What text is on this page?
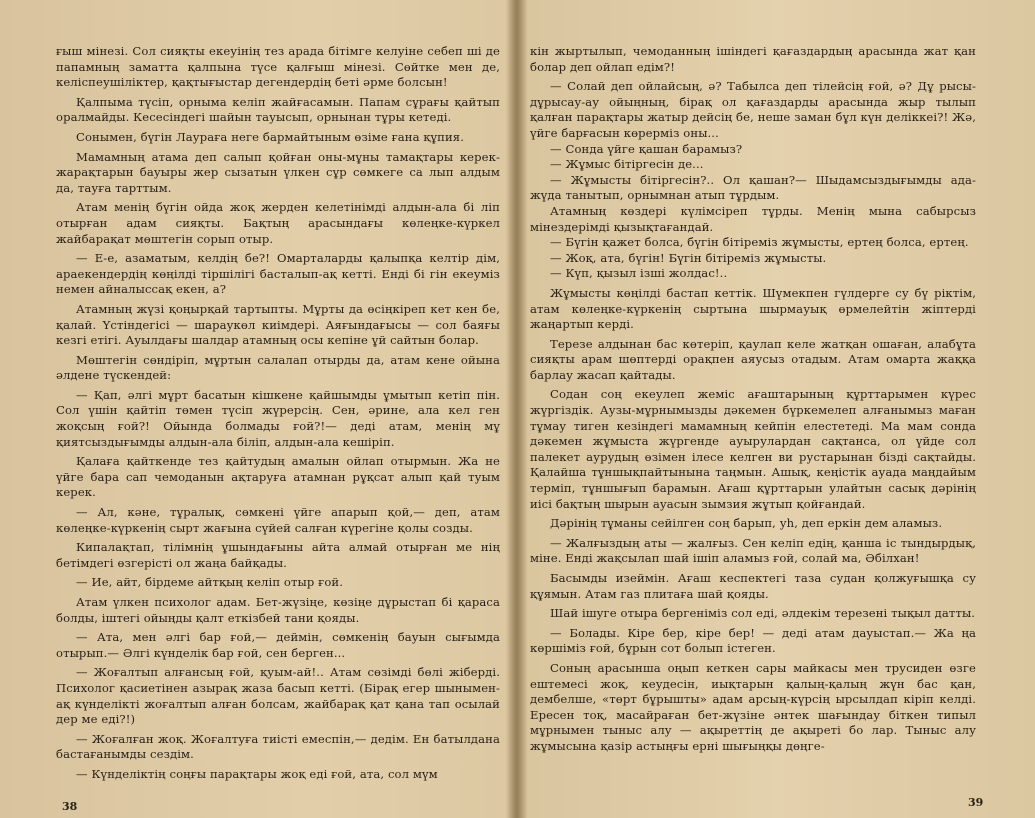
ғыш мінезі. Сол сияқты екеуінің тез арада бітімге келуіне себеп ші де папамның заматта қалпына түсе қалғыш мінезі. Сөйтке мен де, келіспеушіліктер, қақтығыстар дегендердің беті әрме болсын!

Қалпыма түсіп, орныма келіп жайғасамын. Папам сұрағы қайтып оралмайды. Кесесіндегі шайын тауысып, орнынан тұры кетеді.

Сонымен, бүгін Лаураға неге бармайтыным өзіме ғана құпия.

Мамамның атама деп салып қойған оны-мұны тамақтары керек-жарақтарын бауыры жер сызатын үлкен сұр сөмкеге са лып алдым да, тауға тарттым.

Атам менің бүгін ойда жоқ жерден келетінімді алдын-ала бі ліп отырған адам сияқты. Бақтың арасындағы көлеңке-күркел жайбарақат мөштегін сорып отыр.

— Е-е, азаматым, келдің бе?! Омарталарды қалыпқа келтір дім, араекендердің көңілді тіршілігі басталып-ақ кетті. Енді бі гін екеуміз немен айналыссақ екен, а?

Атамның жүзі қоңырқай тартыпты. Мұрты да өсіңкіреп кет кен бе, қалай. Үстіндегісі — шараукөл киімдері. Аяғындағысы — сол баяғы кезгі етігі. Ауылдағы шалдар атамның осы кепіне ұй сайтын болар.

Мөштегін сөндіріп, мұртын салалап отырды да, атам кене ойына әлдене түскендей:

— Қап, әлгі мұрт басатын кішкене қайшымды ұмытып кетіп пін. Сол үшін қайтіп төмен түсіп жүрерсің. Сен, әрине, ала кел ген жоқсың ғой?! Ойында болмады ғой?!— деді атам, менің мұ қиятсыздығымды алдын-ала біліп, алдын-ала кешіріп.

Қалаға қайткенде тез қайтудың амалын ойлап отырмын. Жа не үйге бара сап чемоданын ақтаруға атамнан рұқсат алып қай туым керек.

— Ал, кәне, тұралық, сөмкені үйге апарып қой,— деп, атам көлеңке-күркенің сырт жағына сүйей салған күрегіне қолы созды.

Кипалақтап, тілімнің ұшындағыны айта алмай отырған ме нің бетімдегі өзгерісті ол жаңа байқады.

— Ие, айт, бірдеме айтқың келіп отыр ғой.

Атам үлкен психолог адам. Бет-жүзіңе, көзіңе дұрыстап бі қараса болды, іштегі ойыңды қалт еткізбей тани қояды.

— Ата, мен әлгі бар ғой,— деймін, сөмкенің бауын сығымда отырып.— Әлгі күнделік бар ғой, сен берген...

— Жоғалтып алғансың ғой, қуым-ай!.. Атам сөзімді бөлі жіберді. Психолог қасиетінен азырақ жаза басып кетті. (Бірақ егер шынымен-ақ күнделікті жоғалтып алған болсам, жайбарақ қат қана тап осылай дер ме еді?!)

— Жоғалған жоқ. Жоғалтуға тиісті емеспін,— дедім. Ен батылдана бастағанымды сездім.

— Күнделіктің соңғы парақтары жоқ еді ғой, ата, сол мүм

38

кін жыртылып, чемоданның ішіндегі қағаздардың арасында жат қан болар деп ойлап едім?!

— Солай деп ойлайсың, ә? Табылса деп тілейсің ғой, ә? Дұ рысы-дұрысау-ау ойыңның, бірақ ол қағаздарды арасында жыр тылып қалған парақтары жатыр дейсің бе, неше заман бұл күн деліккеі?! Жә, үйге барғасын көрерміз оны...

— Сонда үйге қашан барамыз?

— Жұмыс бітіргесін де...

— Жұмысты бітіргесін?.. Ол қашан?— Шыдамсыздығымды ада-жүда танытып, орнымнан атып тұрдым.

Атамның көздері күлімсіреп тұрды. Менің мына сабырсыз мінездерімді қызықтағандай.

— Бүгін қажет болса, бүгін бітіреміз жұмысты, ертең болса, ертең.

— Жоқ, ата, бүгін! Бүгін бітіреміз жұмысты.

— Күп, қызыл ізші жолдас!..

Жұмысты көңілді бастап кеттік. Шүмекпен гүлдерге су бү ріктім, атам көлеңке-күркенің сыртына шырмауық өрмелейтін жіптерді жаңартып керді.

Терезе алдынан бас көтеріп, қаулап келе жатқан ошаған, алабұта сияқты арам шөптерді орақпен аяусыз отадым. Атам омарта жаққа барлау жасап қайтады.

Содан соң екеулеп жеміс ағаштарының құрттарымен күрес жүргіздік. Аузы-мұрнымызды дәкемен бүркемелеп алғанымыз маған тұмау тиген кезіндегі мамамның кейпін елестетеді. Ма мам сонда дәкемен жұмыста жүргенде ауырулардан сақтанса, ол үйде сол палекет аурудың өзімен ілесе келген ви рустарынан бізді сақтайды. Қалайша тұншықпайтынына таңмын. Ашық, кеңістік ауада маңдайым терміп, тұншығып барамын. Ағаш құрттарын улайтын сасық дәрінің иісі бақтың шырын ауасын зымзия жұтып қойғандай.

Дәрінің тұманы сейілген соң барып, уһ, деп еркін дем аламыз.

— Жалғыздың аты — жалғыз. Сен келіп едің, қанша іс тындырдық, міне. Енді жақсылап шай ішіп аламыз ғой, солай ма, Әбілхан!

Басымды изеймін. Ағаш кеспектегі таза судан қолжуғышқа су құямын. Атам газ плитаға шай қояды.

Шай ішуге отыра бергеніміз сол еді, әлдекім терезені тықыл датты.

— Болады. Кіре бер, кіре бер! — деді атам дауыстап.— Жа ңа көршіміз ғой, бұрын сот болып істеген.

Соның арасынша оңып кеткен сары майкасы мен трусиден өзге ештемесі жоқ, кеудесін, иықтарын қалың-қалың жүн бас қан, дембелше, «төрт бұрышты» адам арсың-күрсің ырсылдап кіріп келді. Ересен тоқ, масайраған бет-жүзіне әнтек шағындау біткен типыл мұрнымен тыныс алу — ақыреттің де ақыреті бо лар. Тыныс алу жұмысына қазір астыңғы ерні шығыңқы дөңге-

39
